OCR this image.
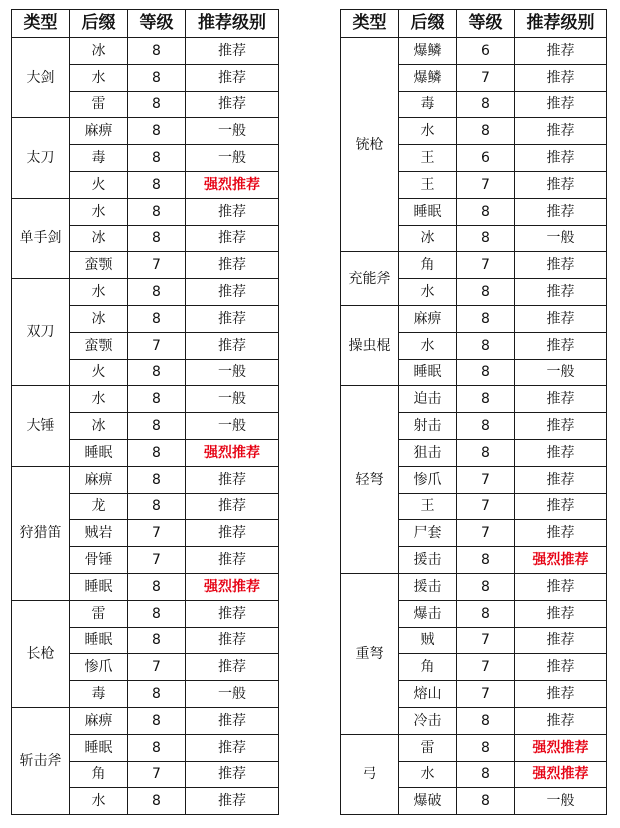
类型	后缀	等级	推荐级别
大剑	冰	8	推荐
	水	8	推荐
	雷	8	推荐
太刀	麻痹	8	一般
	毒	8	一般
	火	8	强烈推荐
单手剑	水	8	推荐
	冰	8	推荐
	蛮颚	7	推荐
双刀	水	8	推荐
	冰	8	推荐
	蛮颚	7	推荐
	火	8	一般
大锤	水	8	一般
	冰	8	一般
	睡眠	8	强烈推荐
狩猎笛	麻痹	8	推荐
	龙	8	推荐
	贼岩	7	推荐
	骨锤	7	推荐
	睡眠	8	强烈推荐
长枪	雷	8	推荐
	睡眠	8	推荐
	惨爪	7	推荐
	毒	8	一般
斩击斧	麻痹	8	推荐
	睡眠	8	推荐
	角	7	推荐
	水	8	推荐
类型	后缀	等级	推荐级别
铳枪	爆鳞	6	推荐
	爆鳞	7	推荐
	毒	8	推荐
	水	8	推荐
	王	6	推荐
	王	7	推荐
	睡眠	8	推荐
	冰	8	一般
充能斧	角	7	推荐
	水	8	推荐
操虫棍	麻痹	8	推荐
	水	8	推荐
	睡眠	8	一般
轻弩	迫击	8	推荐
	射击	8	推荐
	狙击	8	推荐
	惨爪	7	推荐
	王	7	推荐
	尸套	7	推荐
	援击	8	强烈推荐
重弩	援击	8	推荐
	爆击	8	推荐
	贼	7	推荐
	角	7	推荐
	熔山	7	推荐
	冷击	8	推荐
弓	雷	8	强烈推荐
	水	8	强烈推荐
	爆破	8	一般
